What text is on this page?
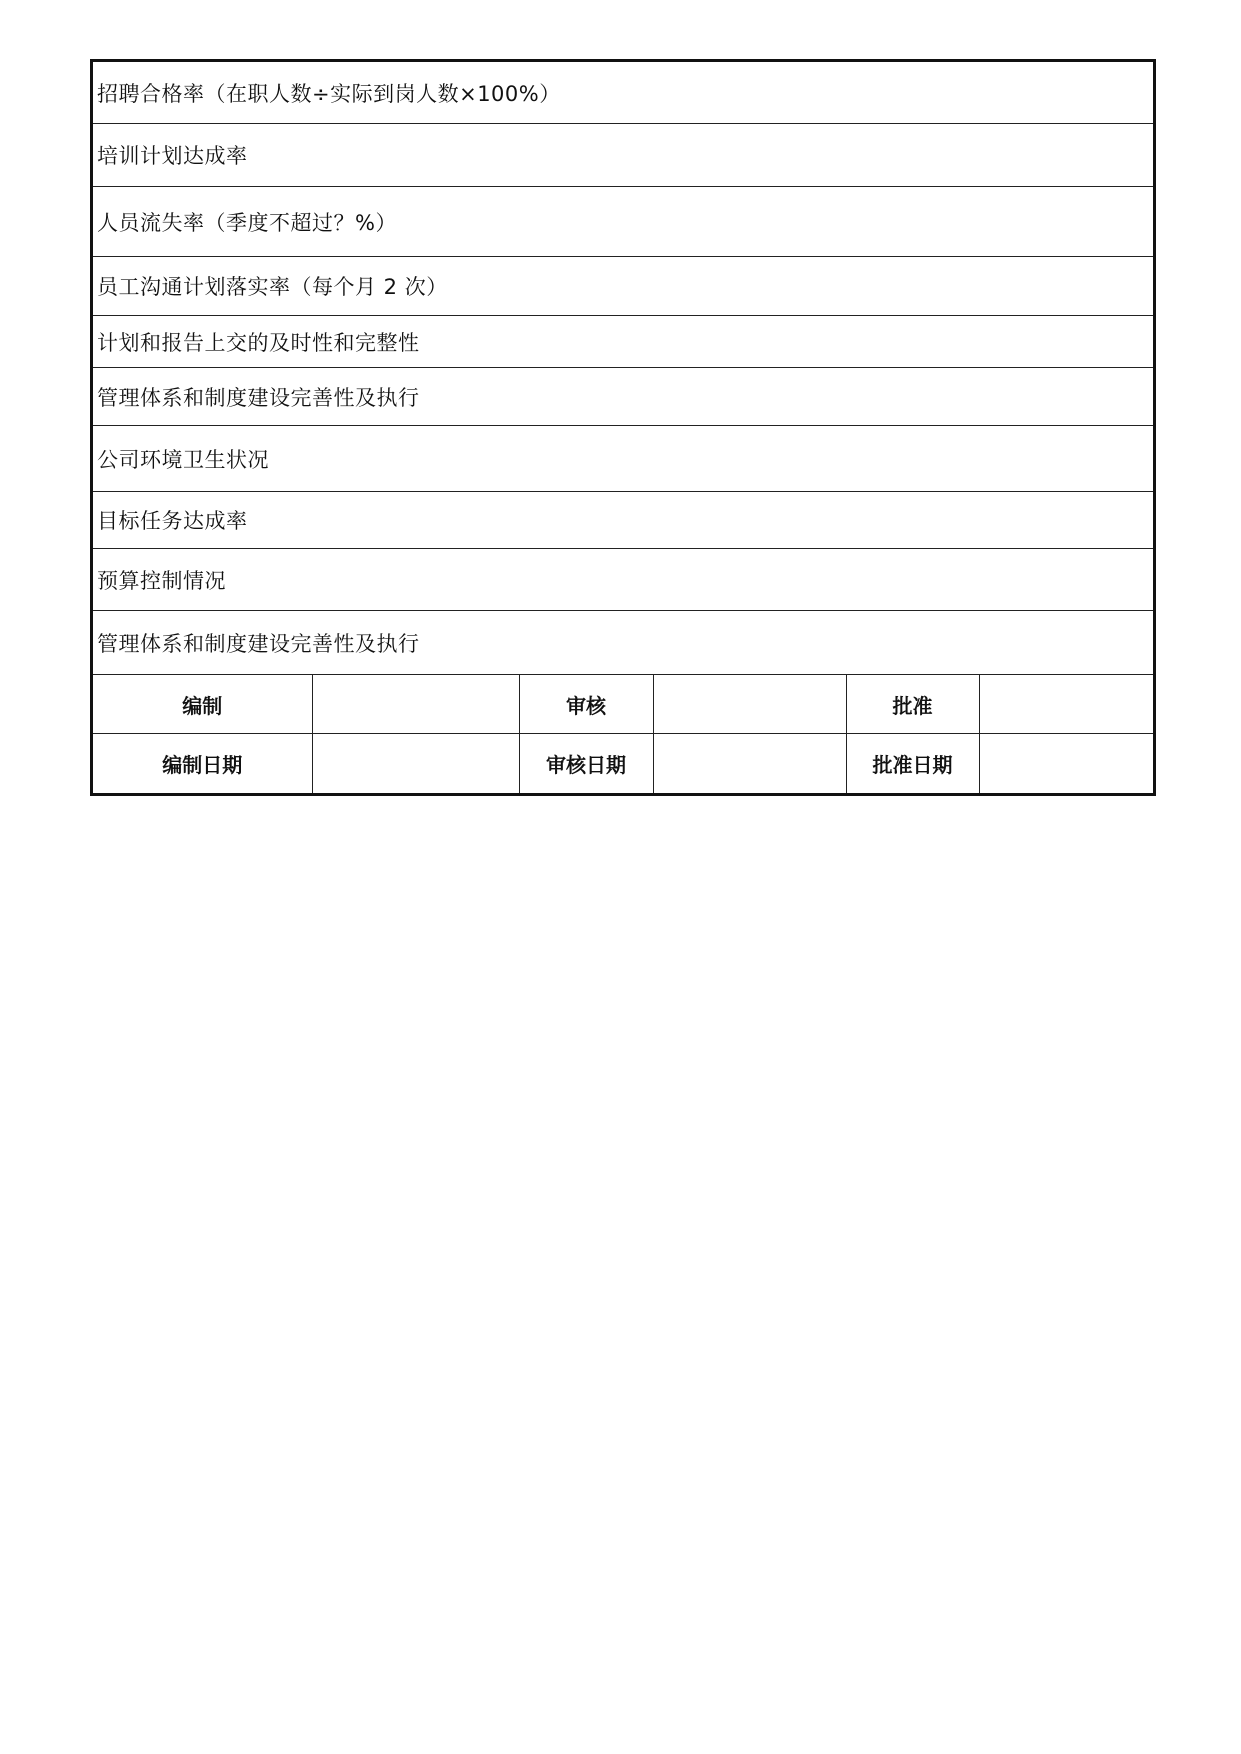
招聘合格率（在职人数÷实际到岗人数×100%）
培训计划达成率
人员流失率（季度不超过？%）
员工沟通计划落实率（每个月 2 次）
计划和报告上交的及时性和完整性
管理体系和制度建设完善性及执行
公司环境卫生状况
目标任务达成率
预算控制情况
管理体系和制度建设完善性及执行
编制		审核		批准	
编制日期		审核日期		批准日期	
